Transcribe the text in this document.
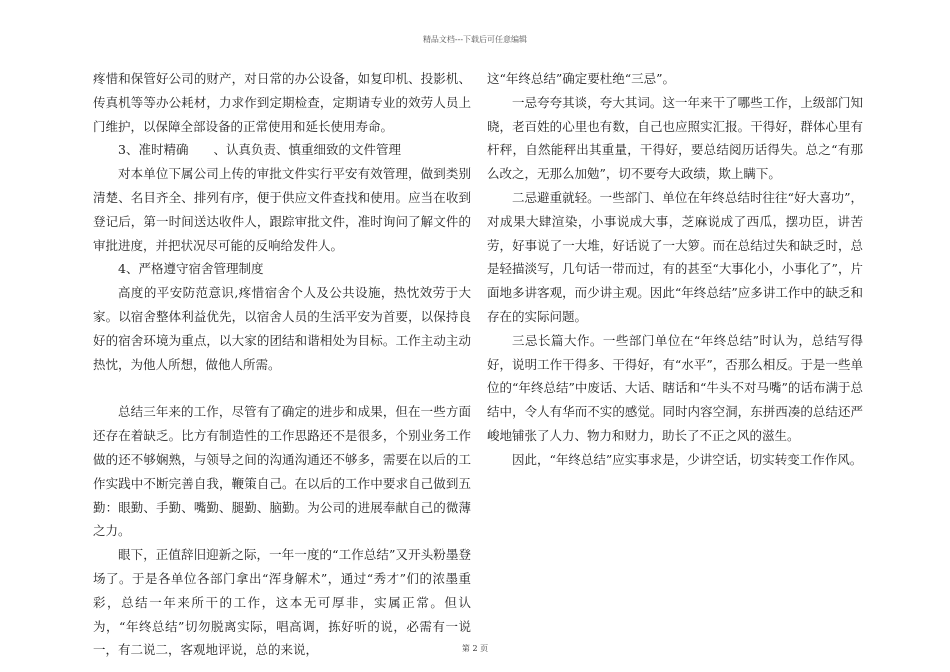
精品文档---下载后可任意编辑

疼惜和保管好公司的财产，对日常的办公设备，如复印机、投影机、传真机等等办公耗材，力求作到定期检查，定期请专业的效劳人员上门维护，以保障全部设备的正常使用和延长使用寿命。

3、准时精确　　、认真负责、慎重细致的文件管理

对本单位下属公司上传的审批文件实行平安有效管理，做到类别清楚、名目齐全、排列有序，便于供应文件查找和使用。应当在收到登记后，第一时间送达收件人，跟踪审批文件，准时询问了解文件的审批进度，并把状况尽可能的反响给发件人。

4、严格遵守宿舍管理制度

高度的平安防范意识,疼惜宿舍个人及公共设施，热忱效劳于大家。以宿舍整体利益优先，以宿舍人员的生活平安为首要，以保持良好的宿舍环境为重点，以大家的团结和谐相处为目标。工作主动主动热忱，为他人所想，做他人所需。

总结三年来的工作，尽管有了确定的进步和成果，但在一些方面还存在着缺乏。比方有制造性的工作思路还不是很多，个别业务工作做的还不够娴熟，与领导之间的沟通沟通还不够多，需要在以后的工作实践中不断完善自我，鞭策自己。在以后的工作中要求自己做到五勤：眼勤、手勤、嘴勤、腿勤、脑勤。为公司的进展奉献自己的微薄之力。

眼下，正值辞旧迎新之际，一年一度的“工作总结”又开头粉墨登场了。于是各单位各部门拿出“浑身解术”，通过“秀才”们的浓墨重彩，总结一年来所干的工作，这本无可厚非，实属正常。但认为，“年终总结”切勿脱离实际，唱高调，拣好听的说，必需有一说一，有二说二，客观地评说，总的来说，

这“年终总结”确定要杜绝“三忌”。

一忌夸夸其谈，夸大其词。这一年来干了哪些工作，上级部门知晓，老百姓的心里也有数，自己也应照实汇报。干得好，群体心里有杆秤，自然能秤出其重量，干得好，要总结阅历话得失。总之“有那么改之，无那么加勉”，切不要夸大政绩，欺上瞒下。

二忌避重就轻。一些部门、单位在年终总结时往往“好大喜功”，对成果大肆渲染，小事说成大事，芝麻说成了西瓜，摆功臣，讲苦劳，好事说了一大堆，好话说了一大箩。而在总结过失和缺乏时，总是轻描淡写，几句话一带而过，有的甚至“大事化小，小事化了”，片面地多讲客观，而少讲主观。因此“年终总结”应多讲工作中的缺乏和存在的实际问题。

三忌长篇大作。一些部门单位在“年终总结”时认为，总结写得好，说明工作干得多、干得好，有“水平”，否那么相反。于是一些单位的“年终总结”中废话、大话、瞎话和“牛头不对马嘴”的话布满于总结中，令人有华而不实的感觉。同时内容空洞，东拼西凑的总结还严峻地铺张了人力、物力和财力，助长了不正之风的滋生。

因此，“年终总结”应实事求是，少讲空话，切实转变工作作风。

第 2 页
